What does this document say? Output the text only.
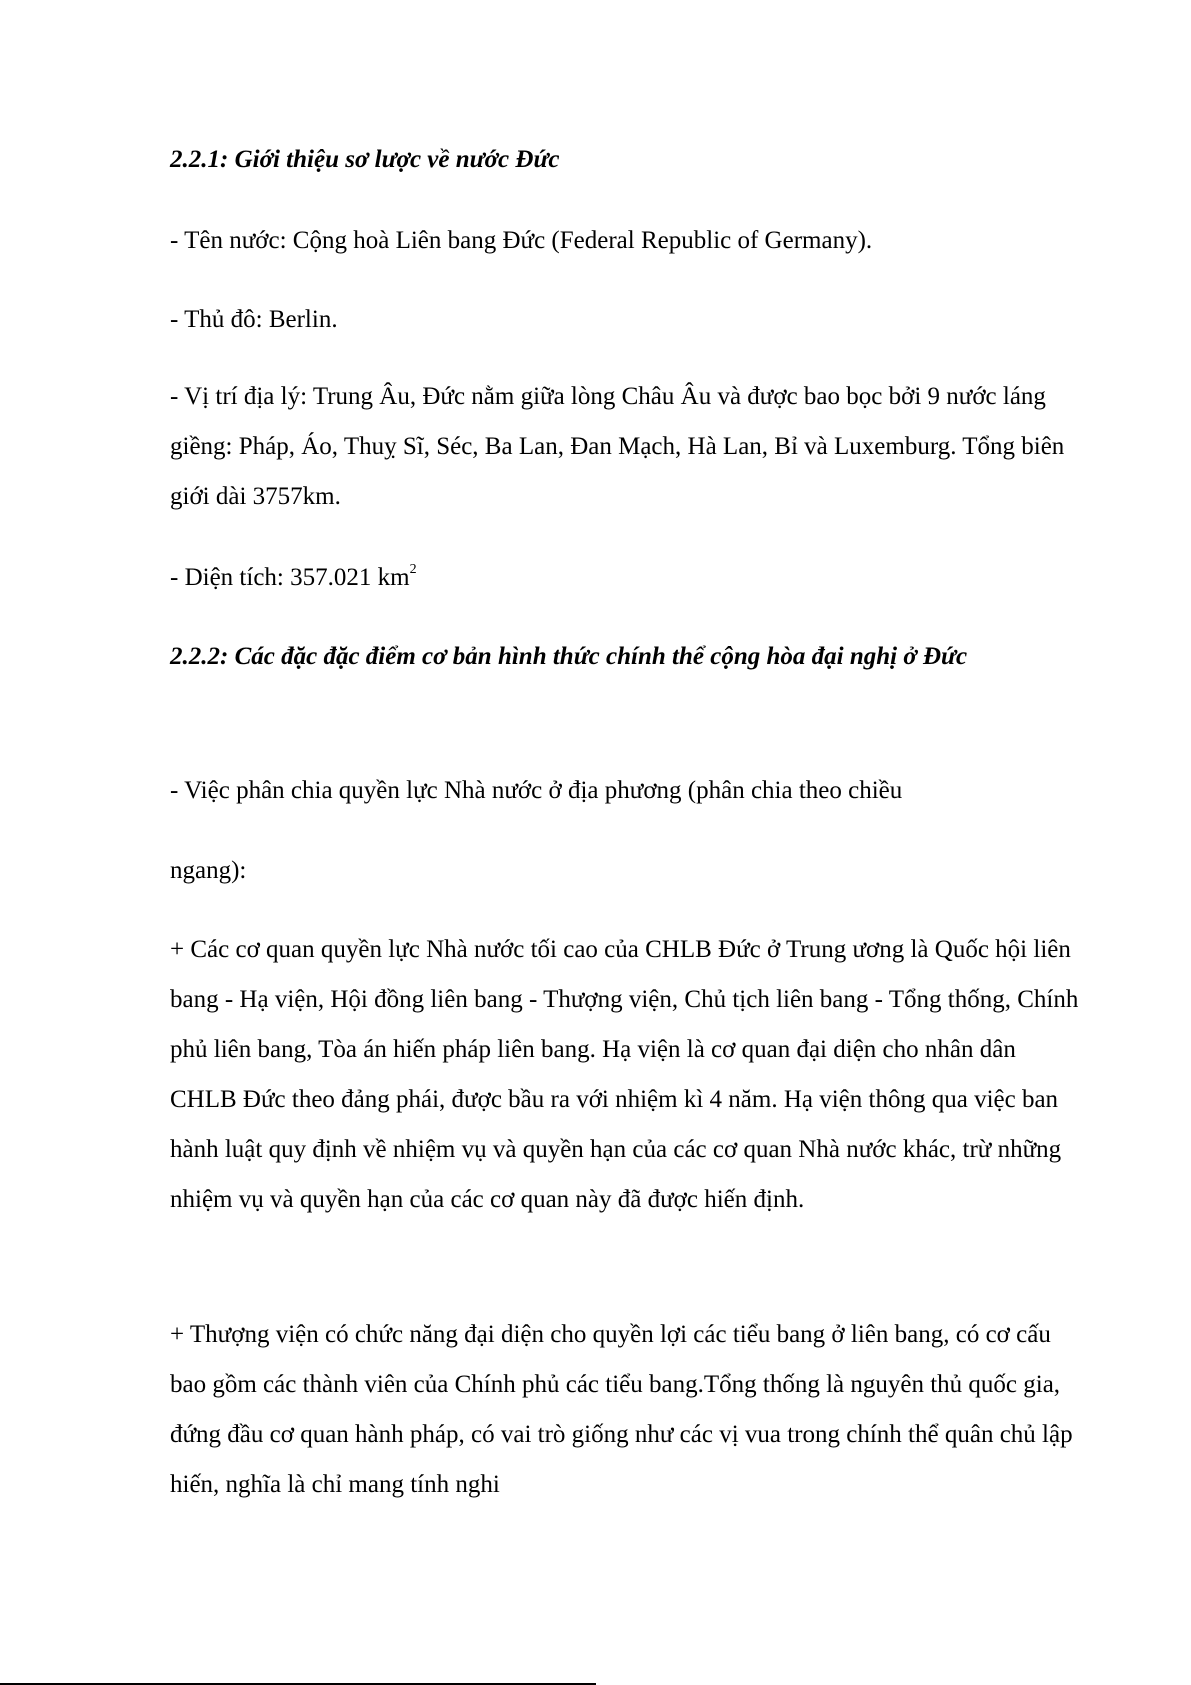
2.2.1: Giới thiệu sơ lược về nước Đức
- Tên nước: Cộng hoà Liên bang Đức (Federal Republic of Germany).
- Thủ đô: Berlin.
- Vị trí địa lý: Trung Âu, Đức nằm giữa lòng Châu Âu và được bao bọc bởi 9 nước láng giềng: Pháp, Áo, Thuỵ Sĩ, Séc, Ba Lan, Đan Mạch, Hà Lan, Bỉ và Luxemburg. Tổng biên giới dài 3757km.
- Diện tích: 357.021 $km^2$
2.2.2: Các đặc đặc điểm cơ bản hình thức chính thể cộng hòa đại nghị ở Đức
- Việc phân chia quyền lực Nhà nước ở địa phương (phân chia theo chiều
ngang):
+ Các cơ quan quyền lực Nhà nước tối cao của CHLB Đức ở Trung ương là Quốc hội liên bang - Hạ viện, Hội đồng liên bang - Thượng viện, Chủ tịch liên bang - Tổng thống, Chính phủ liên bang, Tòa án hiến pháp liên bang. Hạ viện là cơ quan đại diện cho nhân dân CHLB Đức theo đảng phái, được bầu ra với nhiệm kì 4 năm. Hạ viện thông qua việc ban hành luật quy định về nhiệm vụ và quyền hạn của các cơ quan Nhà nước khác, trừ những nhiệm vụ và quyền hạn của các cơ quan này đã được hiến định.
+ Thượng viện có chức năng đại diện cho quyền lợi các tiểu bang ở liên bang, có cơ cấu bao gồm các thành viên của Chính phủ các tiểu bang.Tổng thống là nguyên thủ quốc gia, đứng đầu cơ quan hành pháp, có vai trò giống như các vị vua trong chính thể quân chủ lập hiến, nghĩa là chỉ mang tính nghi
